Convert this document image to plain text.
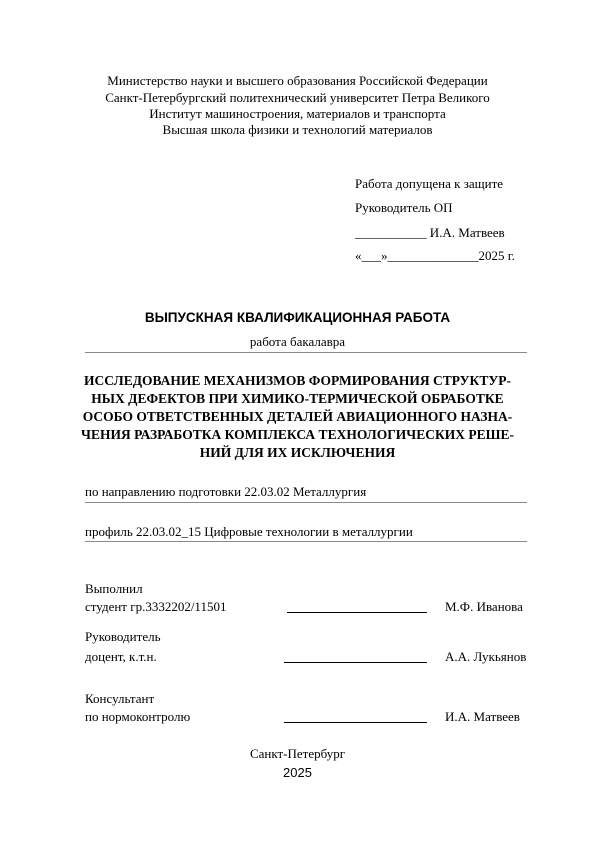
Министерство науки и высшего образования Российской Федерации
Санкт-Петербургский политехнический университет Петра Великого
Институт машиностроения, материалов и транспорта
Высшая школа физики и технологий материалов
Работа допущена к защите
Руководитель ОП
___________ И.А. Матвеев
«___»______________2025 г.
ВЫПУСКНАЯ КВАЛИФИКАЦИОННАЯ РАБОТА
работа бакалавра
ИССЛЕДОВАНИЕ МЕХАНИЗМОВ ФОРМИРОВАНИЯ СТРУКТУР-
НЫХ ДЕФЕКТОВ ПРИ ХИМИКО-ТЕРМИЧЕСКОЙ ОБРАБОТКЕ
ОСОБО ОТВЕТСТВЕННЫХ ДЕТАЛЕЙ АВИАЦИОННОГО НАЗНА-
ЧЕНИЯ РАЗРАБОТКА КОМПЛЕКСА ТЕХНОЛОГИЧЕСКИХ РЕШЕ-
НИЙ ДЛЯ ИХ ИСКЛЮЧЕНИЯ
по направлению подготовки 22.03.02 Металлургия
профиль 22.03.02_15 Цифровые технологии в металлургии
Выполнил
студент гр.3332202/11501	М.Ф. Иванова
Руководитель
доцент, к.т.н.	А.А. Лукьянов
Консультант
по нормоконтролю	И.А. Матвеев
Санкт-Петербург
2025
